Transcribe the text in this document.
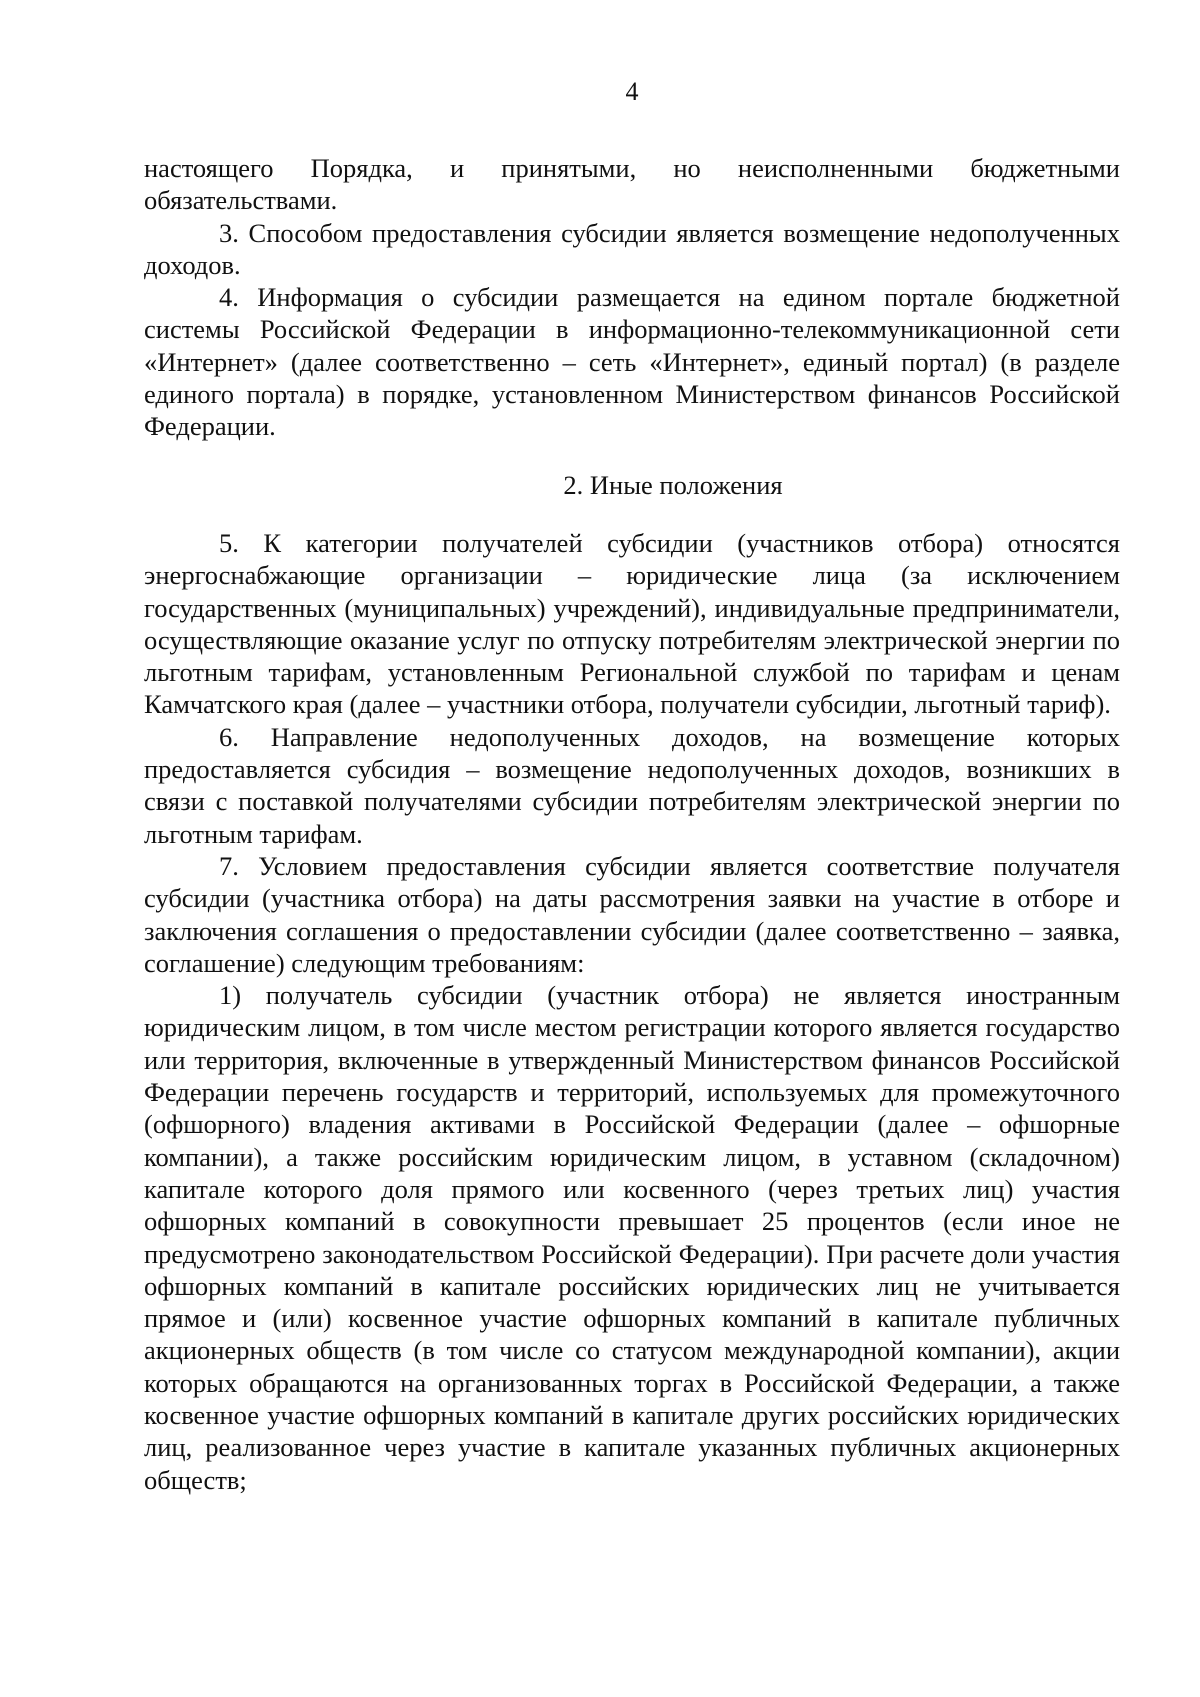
4

настоящего Порядка, и принятыми, но неисполненными бюджетными обязательствами.

3. Способом предоставления субсидии является возмещение недополученных доходов.

4. Информация о субсидии размещается на едином портале бюджетной системы Российской Федерации в информационно-телекоммуникационной сети «Интернет» (далее соответственно – сеть «Интернет», единый портал) (в разделе единого портала) в порядке, установленном Министерством финансов Российской Федерации.

2. Иные положения

5. К категории получателей субсидии (участников отбора) относятся энергоснабжающие организации – юридические лица (за исключением государственных (муниципальных) учреждений), индивидуальные предприниматели, осуществляющие оказание услуг по отпуску потребителям электрической энергии по льготным тарифам, установленным Региональной службой по тарифам и ценам Камчатского края (далее – участники отбора, получатели субсидии, льготный тариф).

6. Направление недополученных доходов, на возмещение которых предоставляется субсидия – возмещение недополученных доходов, возникших в связи с поставкой получателями субсидии потребителям электрической энергии по льготным тарифам.

7. Условием предоставления субсидии является соответствие получателя субсидии (участника отбора) на даты рассмотрения заявки на участие в отборе и заключения соглашения о предоставлении субсидии (далее соответственно – заявка, соглашение) следующим требованиям:

1) получатель субсидии (участник отбора) не является иностранным юридическим лицом, в том числе местом регистрации которого является государство или территория, включенные в утвержденный Министерством финансов Российской Федерации перечень государств и территорий, используемых для промежуточного (офшорного) владения активами в Российской Федерации (далее – офшорные компании), а также российским юридическим лицом, в уставном (складочном) капитале которого доля прямого или косвенного (через третьих лиц) участия офшорных компаний в совокупности превышает 25 процентов (если иное не предусмотрено законодательством Российской Федерации). При расчете доли участия офшорных компаний в капитале российских юридических лиц не учитывается прямое и (или) косвенное участие офшорных компаний в капитале публичных акционерных обществ (в том числе со статусом международной компании), акции которых обращаются на организованных торгах в Российской Федерации, а также косвенное участие офшорных компаний в капитале других российских юридических лиц, реализованное через участие в капитале указанных публичных акционерных обществ;
